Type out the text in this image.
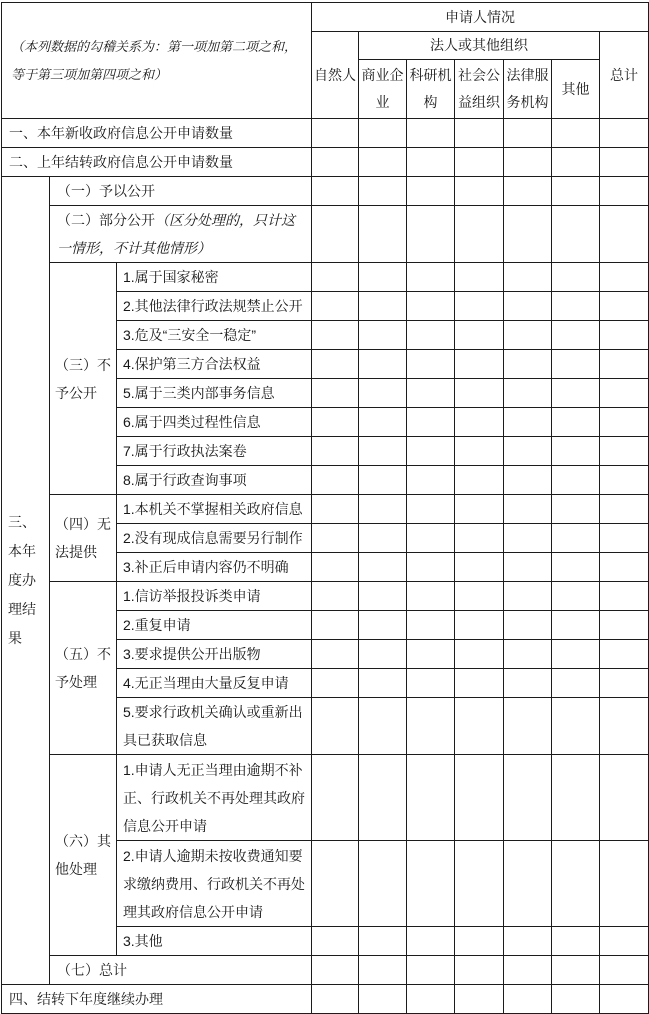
（本列数据的勾稽关系为：第一项加第二项之和，等于第三项加第四项之和）			申请人情况						
			自然人	法人或其他组织					总计
				商业企业	科研机构	社会公益组织	法律服务机构	其他	
一、本年新收政府信息公开申请数量									
二、上年结转政府信息公开申请数量									
三、本年度办理结果	（一）予以公开								
	（二）部分公开（区分处理的，只计这一情形，不计其他情形）								
	（三）不予公开	1.属于国家秘密							
		2.其他法律行政法规禁止公开							
		3.危及“三安全一稳定”							
		4.保护第三方合法权益							
		5.属于三类内部事务信息							
		6.属于四类过程性信息							
		7.属于行政执法案卷							
		8.属于行政查询事项							
	（四）无法提供	1.本机关不掌握相关政府信息							
		2.没有现成信息需要另行制作							
		3.补正后申请内容仍不明确							
	（五）不予处理	1.信访举报投诉类申请							
		2.重复申请							
		3.要求提供公开出版物							
		4.无正当理由大量反复申请							
		5.要求行政机关确认或重新出具已获取信息							
	（六）其他处理	1.申请人无正当理由逾期不补正、行政机关不再处理其政府信息公开申请							
		2.申请人逾期未按收费通知要求缴纳费用、行政机关不再处理其政府信息公开申请							
		3.其他							
	（七）总计								
四、结转下年度继续办理									
